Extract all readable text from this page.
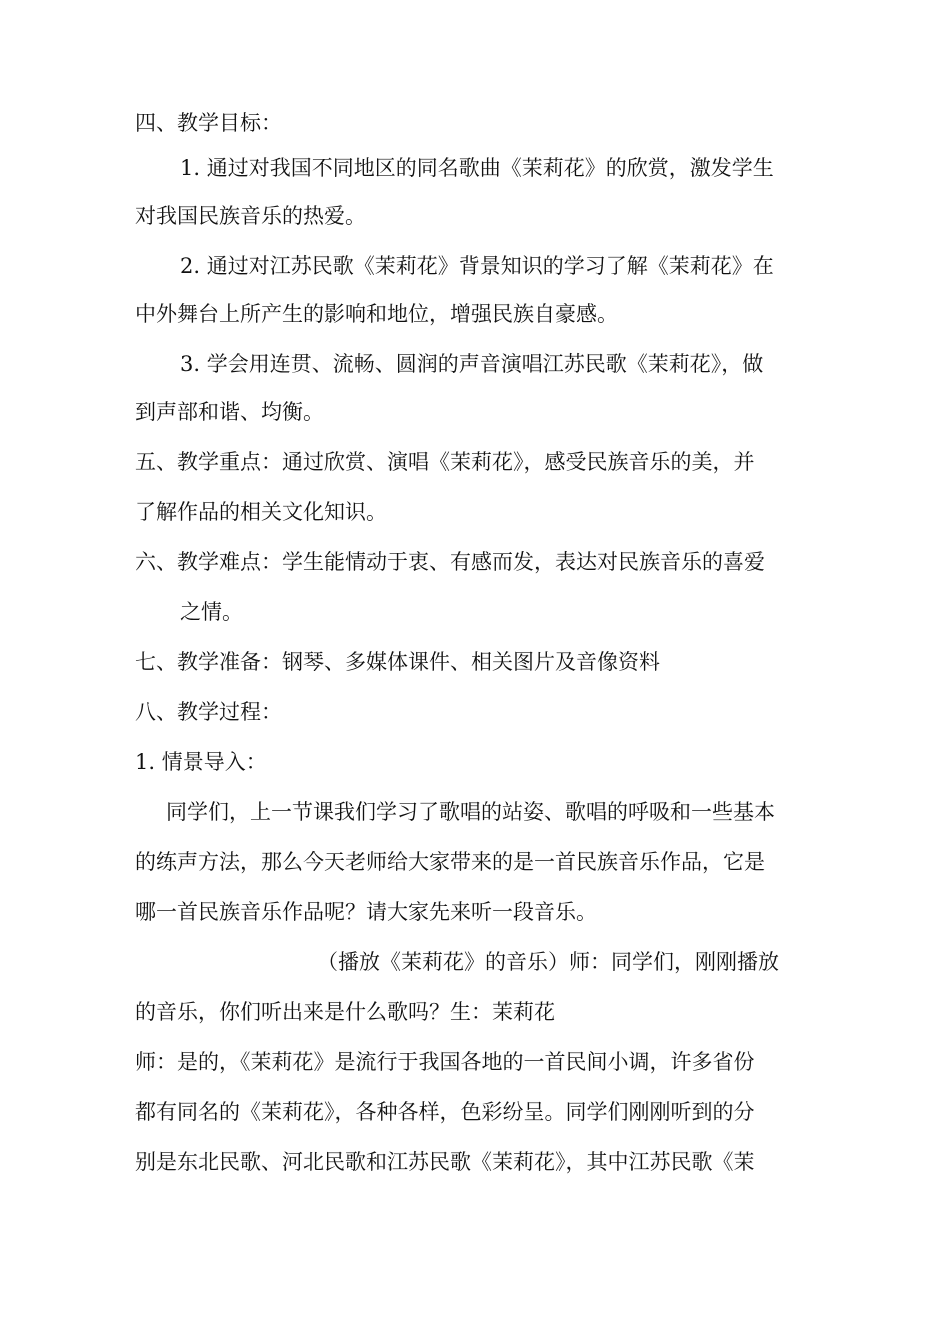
四、教学目标：
1. 通过对我国不同地区的同名歌曲《茉莉花》的欣赏，激发学生
对我国民族音乐的热爱。
2. 通过对江苏民歌《茉莉花》背景知识的学习了解《茉莉花》在
中外舞台上所产生的影响和地位，增强民族自豪感。
3. 学会用连贯、流畅、圆润的声音演唱江苏民歌《茉莉花》，做
到声部和谐、均衡。
五、教学重点：通过欣赏、演唱《茉莉花》，感受民族音乐的美，并
了解作品的相关文化知识。
六、教学难点：学生能情动于衷、有感而发，表达对民族音乐的喜爱
之情。
七、教学准备：钢琴、多媒体课件、相关图片及音像资料
八、教学过程：
1. 情景导入：
同学们，上一节课我们学习了歌唱的站姿、歌唱的呼吸和一些基本
的练声方法，那么今天老师给大家带来的是一首民族音乐作品，它是
哪一首民族音乐作品呢？请大家先来听一段音乐。
（播放《茉莉花》的音乐）师：同学们，刚刚播放
的音乐，你们听出来是什么歌吗？生：茉莉花
师：是的，《茉莉花》是流行于我国各地的一首民间小调，许多省份
都有同名的《茉莉花》，各种各样，色彩纷呈。同学们刚刚听到的分
别是东北民歌、河北民歌和江苏民歌《茉莉花》，其中江苏民歌《茉
